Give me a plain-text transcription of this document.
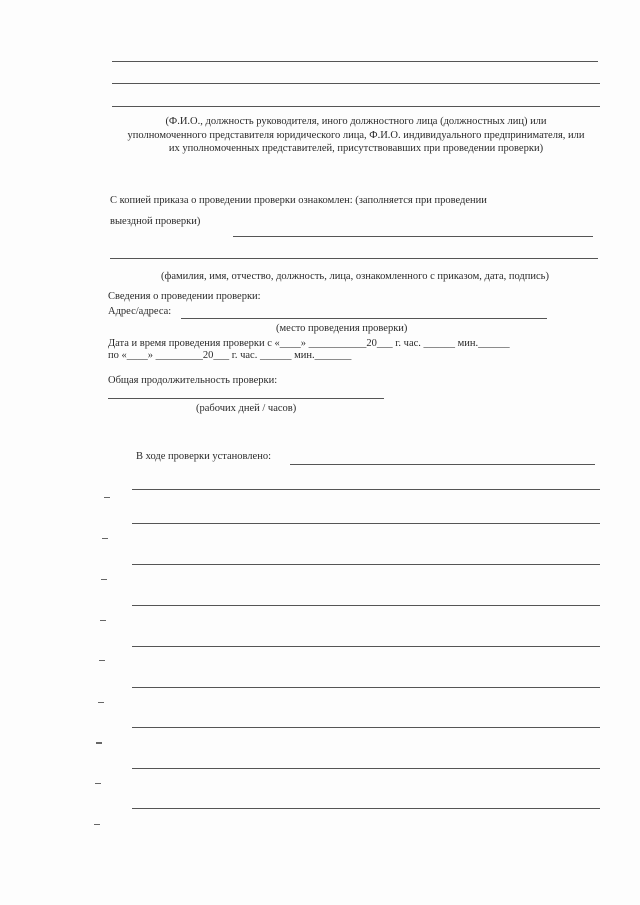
(Ф.И.О., должность руководителя, иного должностного лица (должностных лиц) или уполномоченного представителя юридического лица, Ф.И.О. индивидуального предпринимателя, или их уполномоченных представителей, присутствовавших при проведении проверки)
С копией приказа о проведении проверки ознакомлен: (заполняется при проведении
выездной проверки)
(фамилия, имя, отчество, должность, лица, ознакомленного с приказом, дата, подпись)
Сведения о проведении проверки:
Адрес/адреса:
(место проведения проверки)
Дата и время проведения проверки с «____» ___________20___ г. час. ______ мин.______
по «____» _________20___ г. час. ______ мин._______
Общая продолжительность проверки:
(рабочих дней / часов)
В ходе проверки установлено:
